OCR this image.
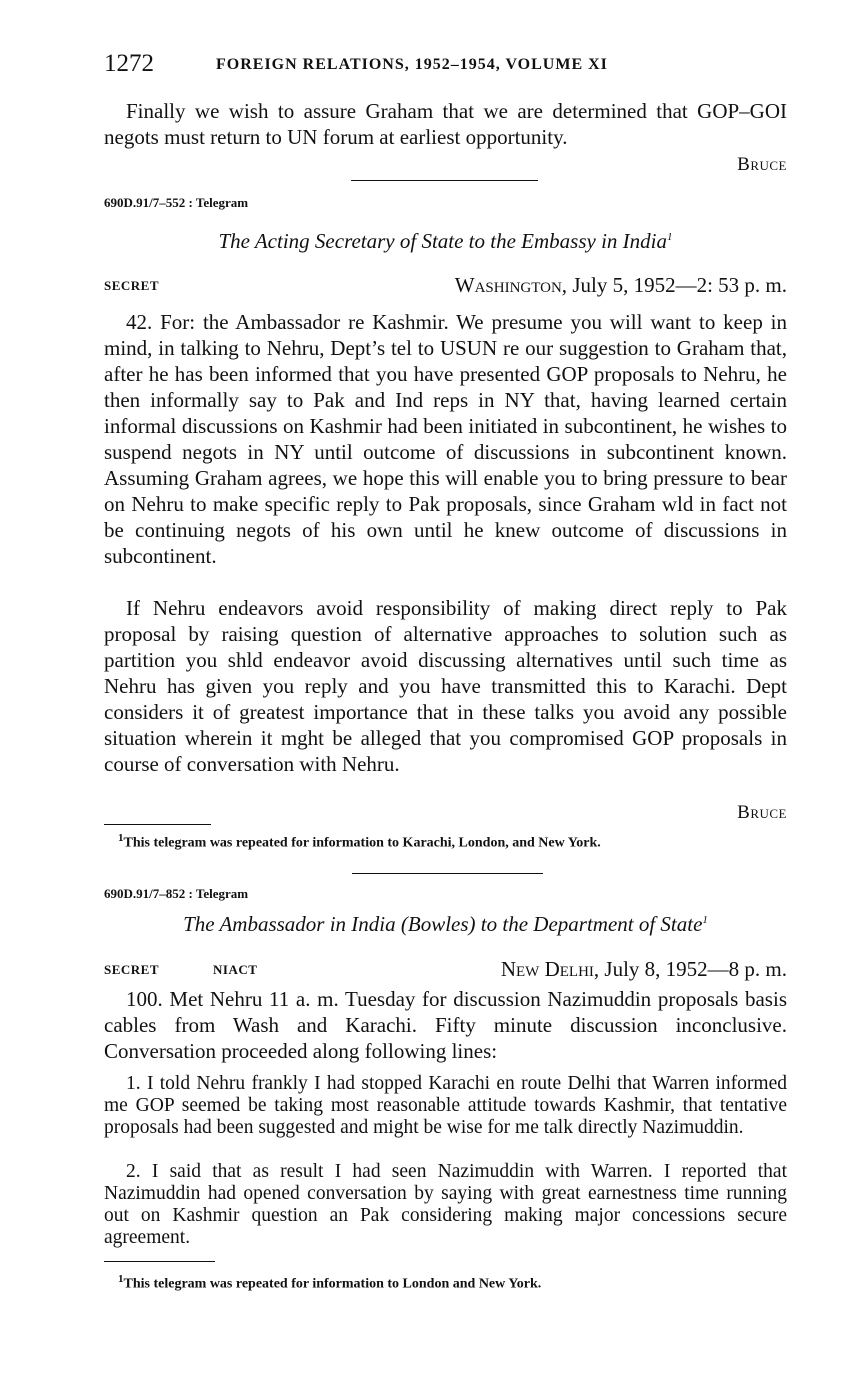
1272	FOREIGN RELATIONS, 1952–1954, VOLUME XI
Finally we wish to assure Graham that we are determined that GOP–GOI negots must return to UN forum at earliest opportunity.
Bruce
690D.91/7–552 : Telegram
The Acting Secretary of State to the Embassy in India$^1$
SECRET	Washington, July 5, 1952—2: 53 p. m.
42. For: the Ambassador re Kashmir. We presume you will want to keep in mind, in talking to Nehru, Dept’s tel to USUN re our suggestion to Graham that, after he has been informed that you have presented GOP proposals to Nehru, he then informally say to Pak and Ind reps in NY that, having learned certain informal discussions on Kashmir had been initiated in subcontinent, he wishes to suspend negots in NY until outcome of discussions in subcontinent known. Assuming Graham agrees, we hope this will enable you to bring pressure to bear on Nehru to make specific reply to Pak proposals, since Graham wld in fact not be continuing negots of his own until he knew outcome of discussions in subcontinent.
If Nehru endeavors avoid responsibility of making direct reply to Pak proposal by raising question of alternative approaches to solution such as partition you shld endeavor avoid discussing alternatives until such time as Nehru has given you reply and you have transmitted this to Karachi. Dept considers it of greatest importance that in these talks you avoid any possible situation wherein it mght be alleged that you compromised GOP proposals in course of conversation with Nehru.
Bruce
$^1$This telegram was repeated for information to Karachi, London, and New York.
690D.91/7–852 : Telegram
The Ambassador in India (Bowles) to the Department of State$^1$
SECRET	NIACT	New Delhi, July 8, 1952—8 p. m.
100. Met Nehru 11 a. m. Tuesday for discussion Nazimuddin proposals basis cables from Wash and Karachi. Fifty minute discussion inconclusive. Conversation proceeded along following lines:
1. I told Nehru frankly I had stopped Karachi en route Delhi that Warren informed me GOP seemed be taking most reasonable attitude towards Kashmir, that tentative proposals had been suggested and might be wise for me talk directly Nazimuddin.
2. I said that as result I had seen Nazimuddin with Warren. I reported that Nazimuddin had opened conversation by saying with great earnestness time running out on Kashmir question an Pak considering making major concessions secure agreement.
$^1$This telegram was repeated for information to London and New York.
